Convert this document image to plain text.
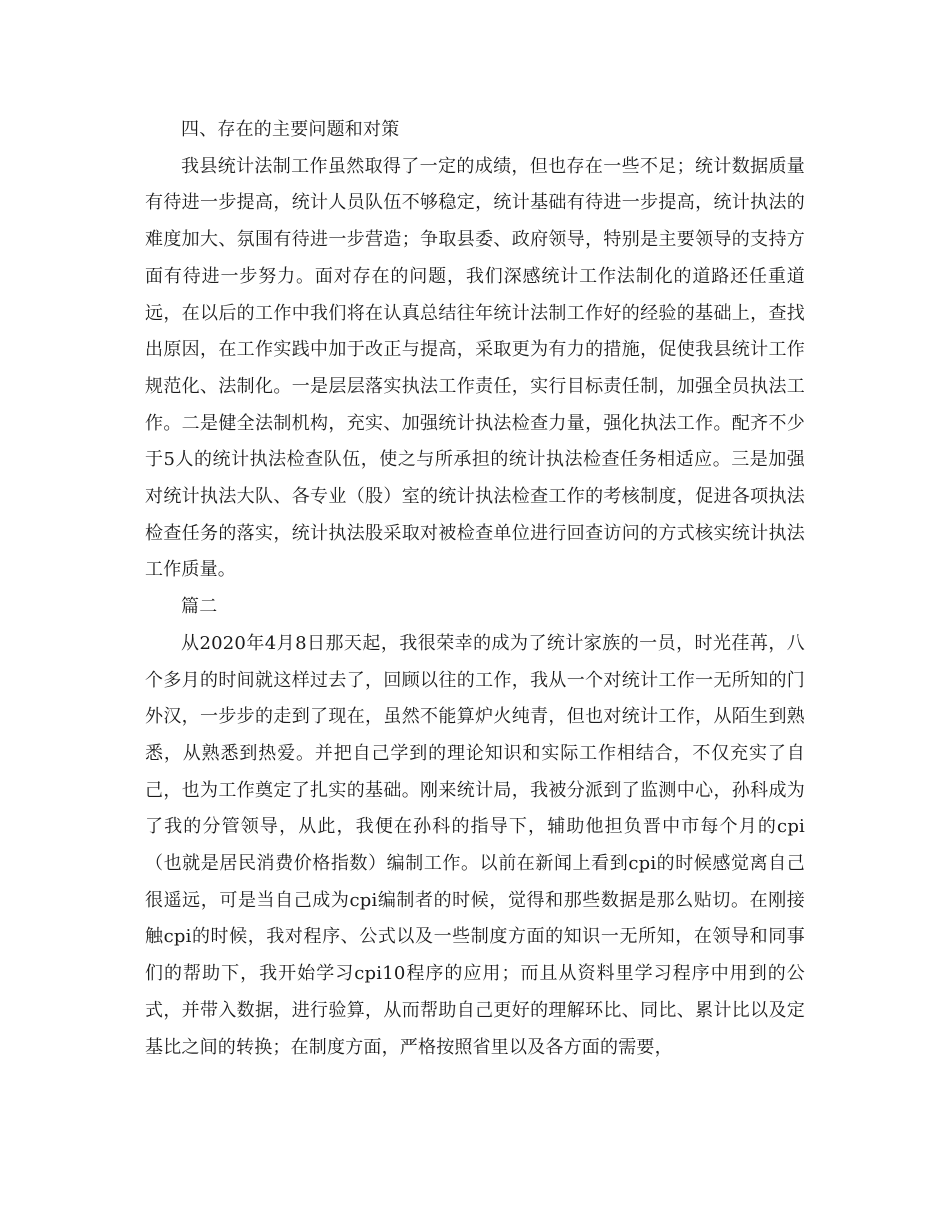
四、存在的主要问题和对策

我县统计法制工作虽然取得了一定的成绩，但也存在一些不足；统计数据质量有待进一步提高，统计人员队伍不够稳定，统计基础有待进一步提高，统计执法的难度加大、氛围有待进一步营造；争取县委、政府领导，特别是主要领导的支持方面有待进一步努力。面对存在的问题，我们深感统计工作法制化的道路还任重道远，在以后的工作中我们将在认真总结往年统计法制工作好的经验的基础上，查找出原因，在工作实践中加于改正与提高，采取更为有力的措施，促使我县统计工作规范化、法制化。一是层层落实执法工作责任，实行目标责任制，加强全员执法工作。二是健全法制机构，充实、加强统计执法检查力量，强化执法工作。配齐不少于5人的统计执法检查队伍，使之与所承担的统计执法检查任务相适应。三是加强对统计执法大队、各专业（股）室的统计执法检查工作的考核制度，促进各项执法检查任务的落实，统计执法股采取对被检查单位进行回查访问的方式核实统计执法工作质量。

篇二

从2020年4月8日那天起，我很荣幸的成为了统计家族的一员，时光荏苒，八个多月的时间就这样过去了，回顾以往的工作，我从一个对统计工作一无所知的门外汉，一步步的走到了现在，虽然不能算炉火纯青，但也对统计工作，从陌生到熟悉，从熟悉到热爱。并把自己学到的理论知识和实际工作相结合，不仅充实了自己，也为工作奠定了扎实的基础。刚来统计局，我被分派到了监测中心，孙科成为了我的分管领导，从此，我便在孙科的指导下，辅助他担负晋中市每个月的cpi（也就是居民消费价格指数）编制工作。以前在新闻上看到cpi的时候感觉离自己很遥远，可是当自己成为cpi编制者的时候，觉得和那些数据是那么贴切。在刚接触cpi的时候，我对程序、公式以及一些制度方面的知识一无所知，在领导和同事们的帮助下，我开始学习cpi10程序的应用；而且从资料里学习程序中用到的公式，并带入数据，进行验算，从而帮助自己更好的理解环比、同比、累计比以及定基比之间的转换；在制度方面，严格按照省里以及各方面的需要，
